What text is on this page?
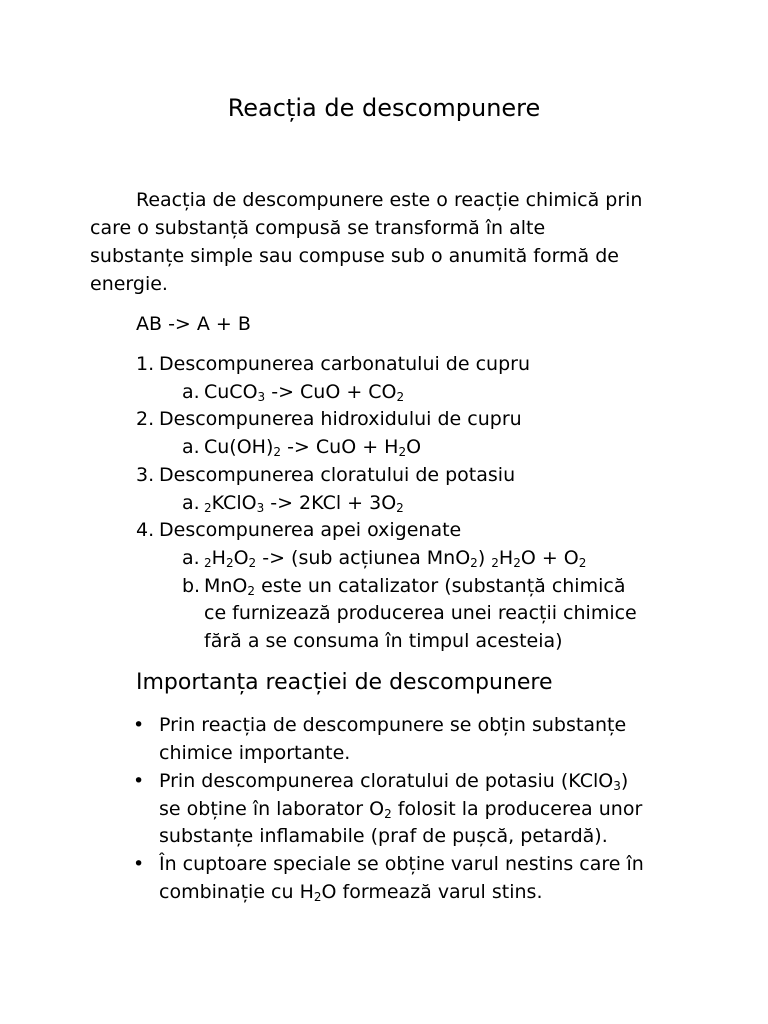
Reacția de descompunere
Reacția de descompunere este o reacție chimică prin
care o substanță compusă se transformă în alte
substanțe simple sau compuse sub o anumită formă de
energie.
AB -> A + B
1. Descompunerea carbonatului de cupru
a. CuCO$_3$ -> CuO + $CO_2$
2. Descompunerea hidroxidului de cupru
a. $Cu(OH)_2$ -> CuO + $H_2O$
3. Descompunerea cloratului de potasiu
a. 2KClO$_3$ -> $2KCl + 3O_2$
4. Descompunerea apei oxigenate
a. $2H_2O_2 -> (sub$ acțiunea MnO$_2$) $2H_2O + O_2$
b. MnO$_2$ este un catalizator (substanță chimică
ce furnizează producerea unei reacții chimice
fără a se consuma în timpul acesteia)
Importanța reacției de descompunere
• Prin reacția de descompunere se obțin substanțe
chimice importante.
• Prin descompunerea cloratului de potasiu (KClO$_3$)
se obține în laborator $O_2$ folosit la producerea unor
substanțe inflamabile (praf de pușcă, petardă).
• În cuptoare speciale se obține varul nestins care în
combinație cu $H_2O$ formează varul stins.
